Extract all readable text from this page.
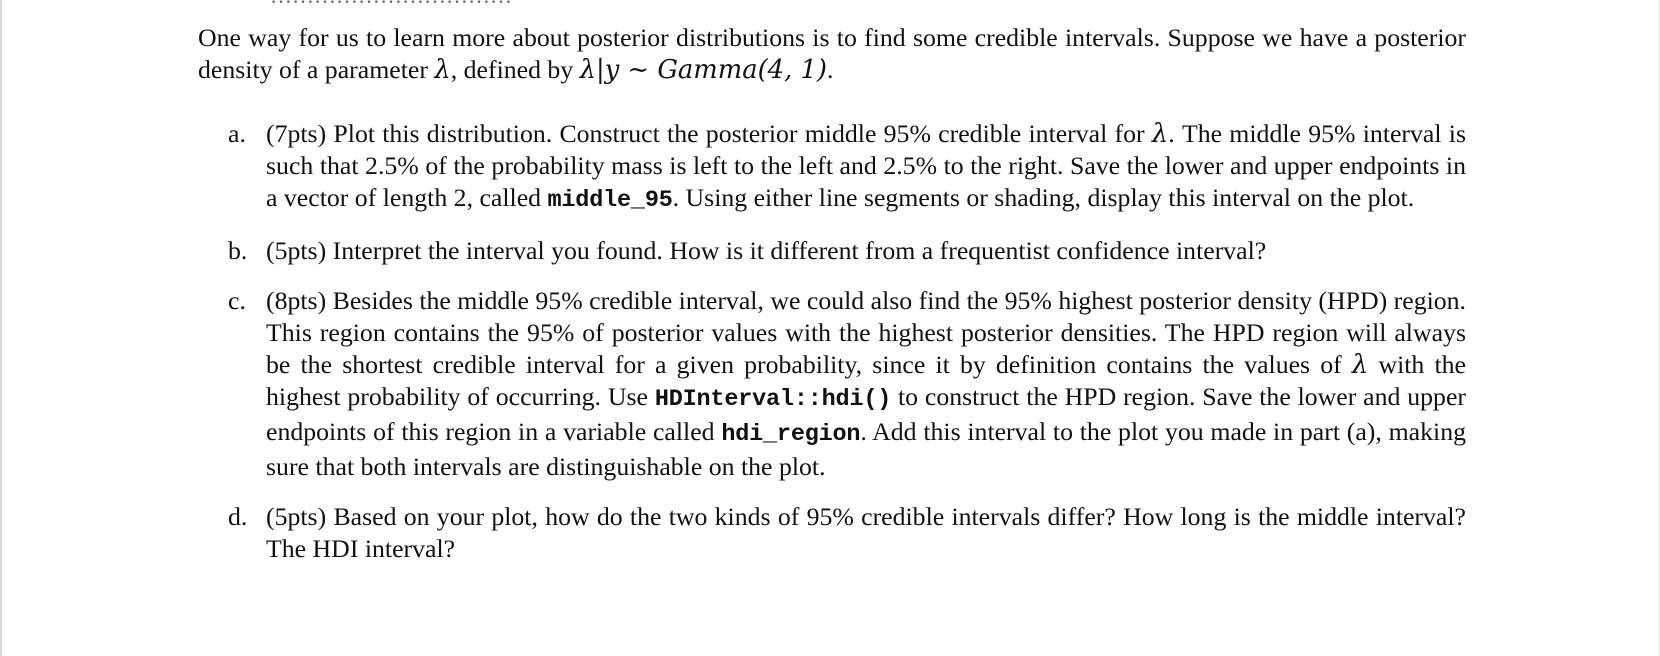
One way for us to learn more about posterior distributions is to find some credible intervals. Suppose we have a posterior density of a parameter λ, defined by λ|y ∼ Gamma(4, 1).

a. (7pts) Plot this distribution. Construct the posterior middle 95% credible interval for λ. The middle 95% interval is such that 2.5% of the probability mass is left to the left and 2.5% to the right. Save the lower and upper endpoints in a vector of length 2, called middle_95. Using either line segments or shading, display this interval on the plot.

b. (5pts) Interpret the interval you found. How is it different from a frequentist confidence interval?

c. (8pts) Besides the middle 95% credible interval, we could also find the 95% highest posterior density (HPD) region. This region contains the 95% of posterior values with the highest posterior densities. The HPD region will always be the shortest credible interval for a given probability, since it by definition contains the values of λ with the highest probability of occurring. Use HDInterval::hdi() to construct the HPD region. Save the lower and upper endpoints of this region in a variable called hdi_region. Add this interval to the plot you made in part (a), making sure that both intervals are distinguishable on the plot.

d. (5pts) Based on your plot, how do the two kinds of 95% credible intervals differ? How long is the middle interval? The HDI interval?
